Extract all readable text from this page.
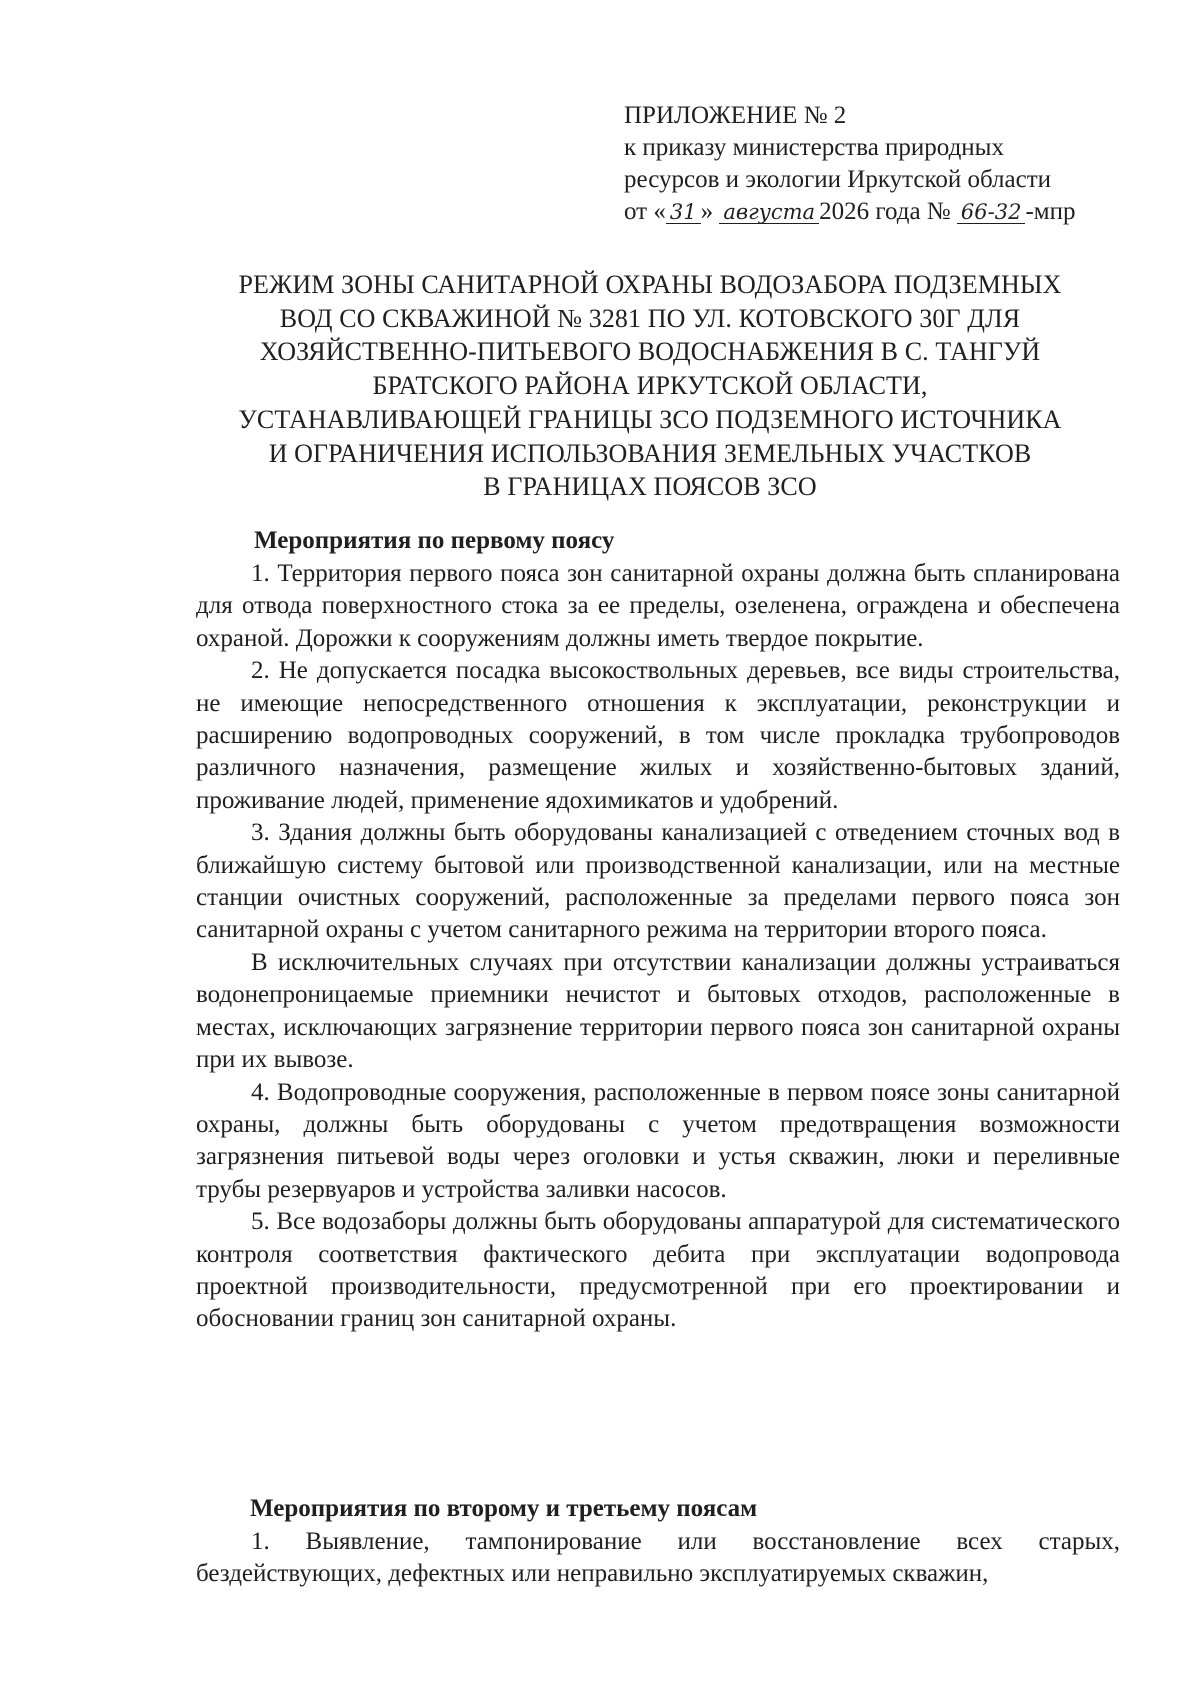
ПРИЛОЖЕНИЕ № 2
к приказу министерства природных
ресурсов и экологии Иркутской области
от « 31 » августа 2026 года № 66-32 -мпр
РЕЖИМ ЗОНЫ САНИТАРНОЙ ОХРАНЫ ВОДОЗАБОРА ПОДЗЕМНЫХ
ВОД СО СКВАЖИНОЙ № 3281 ПО УЛ. КОТОВСКОГО 30Г ДЛЯ
ХОЗЯЙСТВЕННО-ПИТЬЕВОГО ВОДОСНАБЖЕНИЯ В С. ТАНГУЙ
БРАТСКОГО РАЙОНА ИРКУТСКОЙ ОБЛАСТИ,
УСТАНАВЛИВАЮЩЕЙ ГРАНИЦЫ ЗСО ПОДЗЕМНОГО ИСТОЧНИКА
И ОГРАНИЧЕНИЯ ИСПОЛЬЗОВАНИЯ ЗЕМЕЛЬНЫХ УЧАСТКОВ
В ГРАНИЦАХ ПОЯСОВ ЗСО
Мероприятия по первому поясу

1. Территория первого пояса зон санитарной охраны должна быть спланирована для отвода поверхностного стока за ее пределы, озеленена, ограждена и обеспечена охраной. Дорожки к сооружениям должны иметь твердое покрытие.

2. Не допускается посадка высокоствольных деревьев, все виды строительства, не имеющие непосредственного отношения к эксплуатации, реконструкции и расширению водопроводных сооружений, в том числе прокладка трубопроводов различного назначения, размещение жилых и хозяйственно-бытовых зданий, проживание людей, применение ядохимикатов и удобрений.

3. Здания должны быть оборудованы канализацией с отведением сточных вод в ближайшую систему бытовой или производственной канализации, или на местные станции очистных сооружений, расположенные за пределами первого пояса зон санитарной охраны с учетом санитарного режима на территории второго пояса.

В исключительных случаях при отсутствии канализации должны устраиваться водонепроницаемые приемники нечистот и бытовых отходов, расположенные в местах, исключающих загрязнение территории первого пояса зон санитарной охраны при их вывозе.

4. Водопроводные сооружения, расположенные в первом поясе зоны санитарной охраны, должны быть оборудованы с учетом предотвращения возможности загрязнения питьевой воды через оголовки и устья скважин, люки и переливные трубы резервуаров и устройства заливки насосов.

5. Все водозаборы должны быть оборудованы аппаратурой для систематического контроля соответствия фактического дебита при эксплуатации водопровода проектной производительности, предусмотренной при его проектировании и обосновании границ зон санитарной охраны.

Мероприятия по второму и третьему поясам

1. Выявление, тампонирование или восстановление всех старых, бездействующих, дефектных или неправильно эксплуатируемых скважин,
